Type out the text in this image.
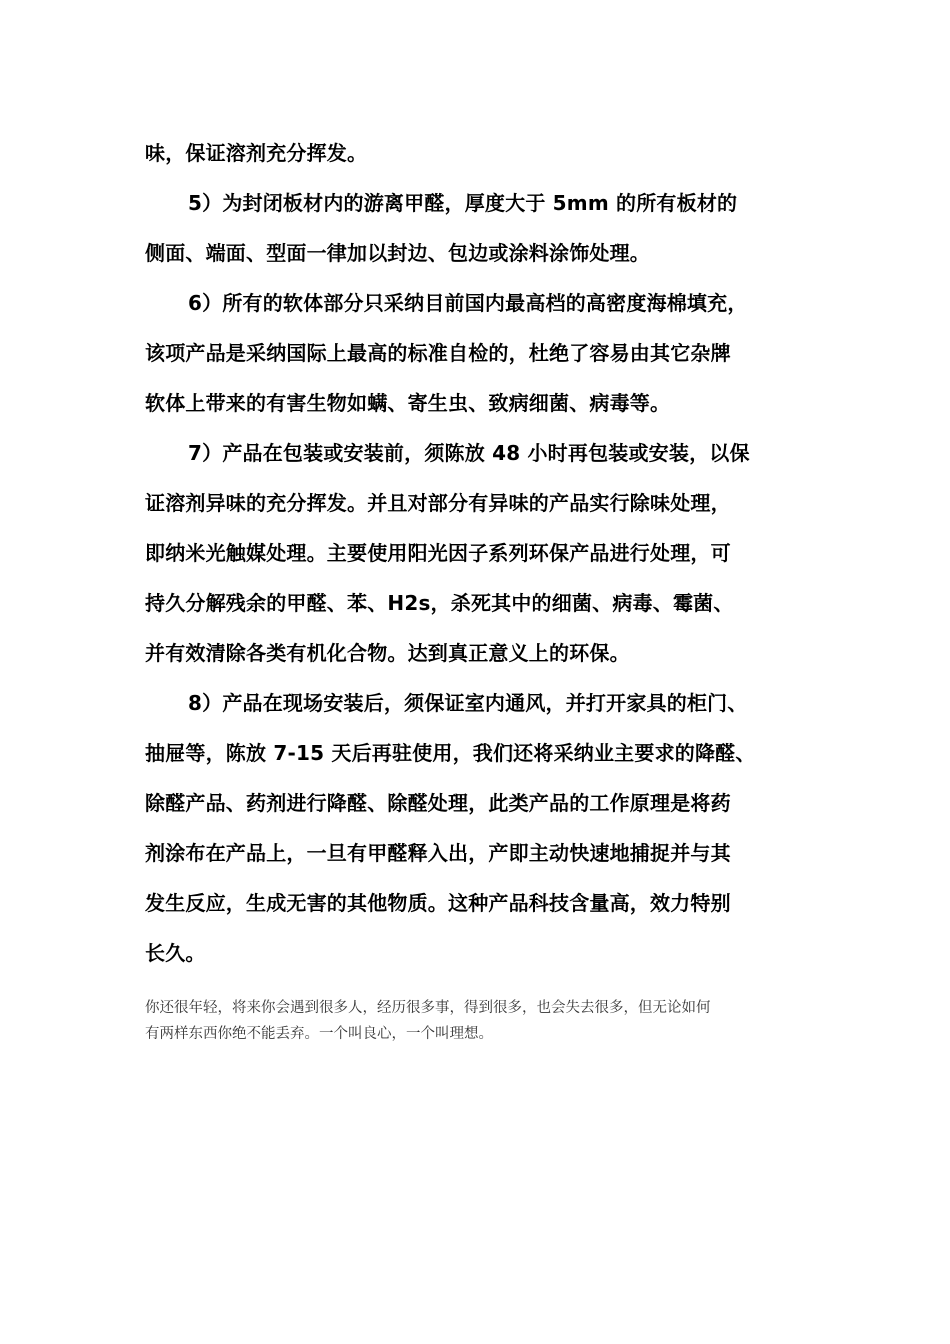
味，保证溶剂充分挥发。
5）为封闭板材内的游离甲醛，厚度大于 5mm 的所有板材的
侧面、端面、型面一律加以封边、包边或涂料涂饰处理。
6）所有的软体部分只采纳目前国内最高档的高密度海棉填充，
该项产品是采纳国际上最高的标准自检的，杜绝了容易由其它杂牌
软体上带来的有害生物如螨、寄生虫、致病细菌、病毒等。
7）产品在包装或安装前，须陈放 48 小时再包装或安装，以保
证溶剂异味的充分挥发。并且对部分有异味的产品实行除味处理，
即纳米光触媒处理。主要使用阳光因子系列环保产品进行处理，可
持久分解残余的甲醛、苯、H2s，杀死其中的细菌、病毒、霉菌、
并有效清除各类有机化合物。达到真正意义上的环保。
8）产品在现场安装后，须保证室内通风，并打开家具的柜门、
抽屉等，陈放 7-15 天后再驻使用，我们还将采纳业主要求的降醛、
除醛产品、药剂进行降醛、除醛处理，此类产品的工作原理是将药
剂涂布在产品上，一旦有甲醛释入出，产即主动快速地捕捉并与其
发生反应，生成无害的其他物质。这种产品科技含量高，效力特别
长久。
你还很年轻，将来你会遇到很多人，经历很多事，得到很多，也会失去很多，但无论如何
有两样东西你绝不能丢弃。一个叫良心，一个叫理想。
